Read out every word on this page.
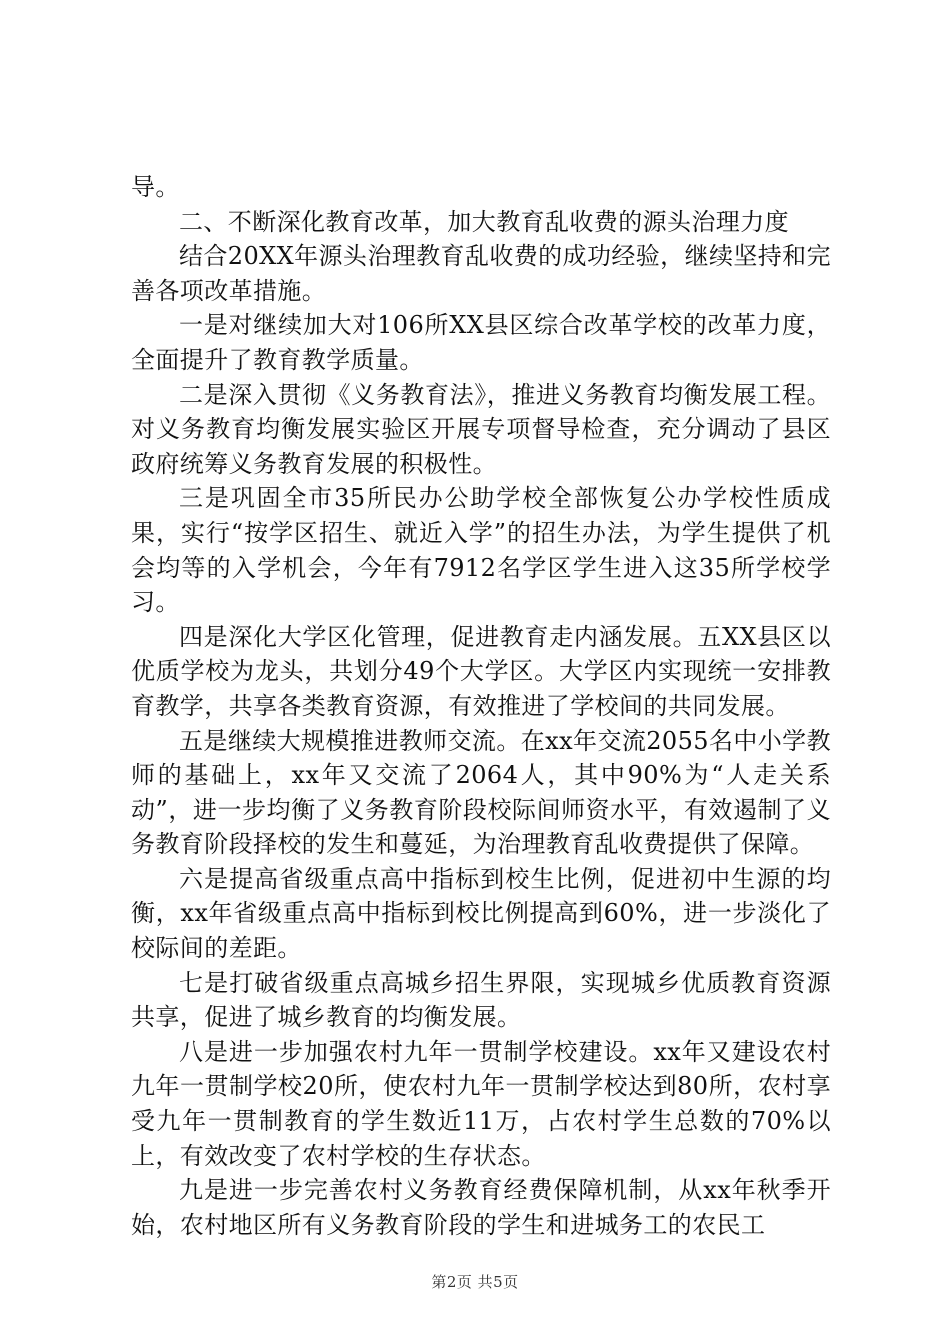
导。

二、不断深化教育改革，加大教育乱收费的源头治理力度

结合20XX年源头治理教育乱收费的成功经验，继续坚持和完善各项改革措施。

一是对继续加大对106所XX县区综合改革学校的改革力度，全面提升了教育教学质量。

二是深入贯彻《义务教育法》，推进义务教育均衡发展工程。对义务教育均衡发展实验区开展专项督导检查，充分调动了县区政府统筹义务教育发展的积极性。

三是巩固全市35所民办公助学校全部恢复公办学校性质成果，实行“按学区招生、就近入学”的招生办法，为学生提供了机会均等的入学机会，今年有7912名学区学生进入这35所学校学习。

四是深化大学区化管理，促进教育走内涵发展。五XX县区以优质学校为龙头，共划分49个大学区。大学区内实现统一安排教育教学，共享各类教育资源，有效推进了学校间的共同发展。

五是继续大规模推进教师交流。在xx年交流2055名中小学教师的基础上，xx年又交流了2064人，其中90%为“人走关系动”，进一步均衡了义务教育阶段校际间师资水平，有效遏制了义务教育阶段择校的发生和蔓延，为治理教育乱收费提供了保障。

六是提高省级重点高中指标到校生比例，促进初中生源的均衡，xx年省级重点高中指标到校比例提高到60%，进一步淡化了校际间的差距。

七是打破省级重点高城乡招生界限，实现城乡优质教育资源共享，促进了城乡教育的均衡发展。

八是进一步加强农村九年一贯制学校建设。xx年又建设农村九年一贯制学校20所，使农村九年一贯制学校达到80所，农村享受九年一贯制教育的学生数近11万，占农村学生总数的70%以上，有效改变了农村学校的生存状态。

九是进一步完善农村义务教育经费保障机制，从xx年秋季开始，农村地区所有义务教育阶段的学生和进城务工的农民工

第2页 共5页
